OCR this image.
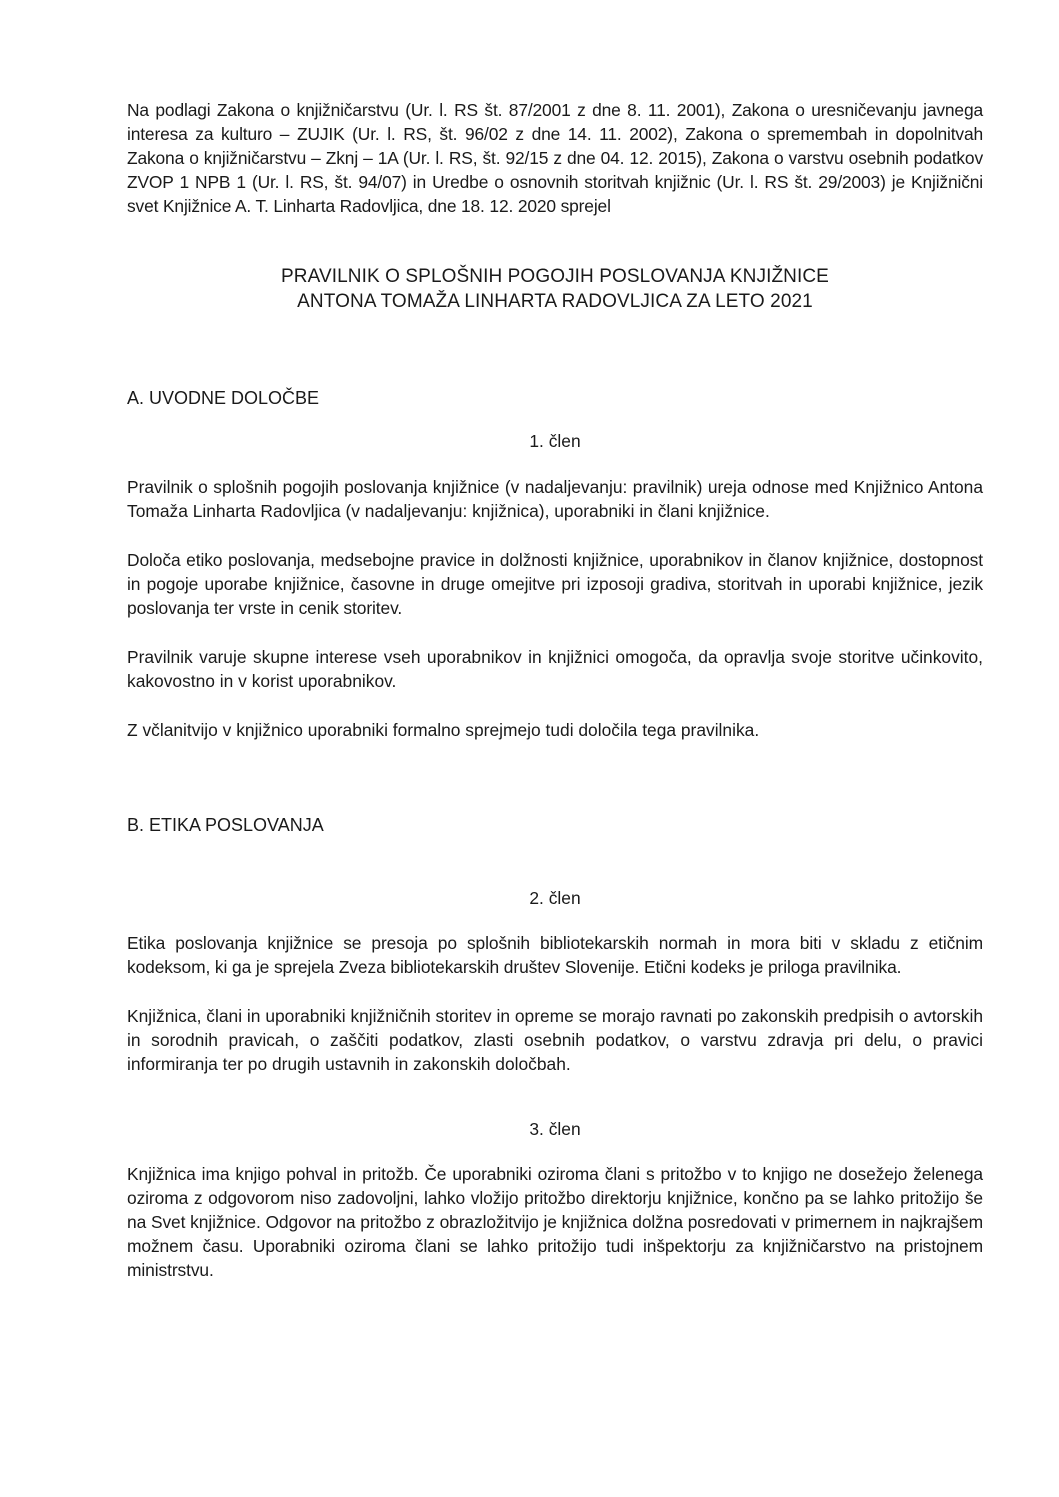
Na podlagi Zakona o knjižničarstvu (Ur. l. RS št. 87/2001 z dne 8. 11. 2001), Zakona o uresničevanju javnega interesa za kulturo – ZUJIK (Ur. l. RS, št. 96/02 z dne 14. 11. 2002), Zakona o spremembah in dopolnitvah Zakona o knjižničarstvu – Zknj – 1A (Ur. l. RS, št. 92/15 z dne 04. 12. 2015), Zakona o varstvu osebnih podatkov ZVOP 1 NPB 1 (Ur. l. RS, št. 94/07) in Uredbe o osnovnih storitvah knjižnic (Ur. l. RS št. 29/2003) je Knjižnični svet Knjižnice A. T. Linharta Radovljica, dne 18. 12. 2020 sprejel

PRAVILNIK O SPLOŠNIH POGOJIH POSLOVANJA KNJIŽNICE

ANTONA TOMAŽA LINHARTA RADOVLJICA ZA LETO 2021

A. UVODNE DOLOČBE

1. člen

Pravilnik o splošnih pogojih poslovanja knjižnice (v nadaljevanju: pravilnik) ureja odnose med Knjižnico Antona Tomaža Linharta Radovljica (v nadaljevanju: knjižnica), uporabniki in člani knjižnice.

Določa etiko poslovanja, medsebojne pravice in dolžnosti knjižnice, uporabnikov in članov knjižnice, dostopnost in pogoje uporabe knjižnice, časovne in druge omejitve pri izposoji gradiva, storitvah in uporabi knjižnice, jezik poslovanja ter vrste in cenik storitev.

Pravilnik varuje skupne interese vseh uporabnikov in knjižnici omogoča, da opravlja svoje storitve učinkovito, kakovostno in v korist uporabnikov.

Z včlanitvijo v knjižnico uporabniki formalno sprejmejo tudi določila tega pravilnika.

B. ETIKA POSLOVANJA

2. člen

Etika poslovanja knjižnice se presoja po splošnih bibliotekarskih normah in mora biti v skladu z etičnim kodeksom, ki ga je sprejela Zveza bibliotekarskih društev Slovenije. Etični kodeks je priloga pravilnika.

Knjižnica, člani in uporabniki knjižničnih storitev in opreme se morajo ravnati po zakonskih predpisih o avtorskih in sorodnih pravicah, o zaščiti podatkov, zlasti osebnih podatkov, o varstvu zdravja pri delu, o pravici informiranja ter po drugih ustavnih in zakonskih določbah.

3. člen

Knjižnica ima knjigo pohval in pritožb. Če uporabniki oziroma člani s pritožbo v to knjigo ne dosežejo želenega oziroma z odgovorom niso zadovoljni, lahko vložijo pritožbo direktorju knjižnice, končno pa se lahko pritožijo še na Svet knjižnice. Odgovor na pritožbo z obrazložitvijo je knjižnica dolžna posredovati v primernem in najkrajšem možnem času. Uporabniki oziroma člani se lahko pritožijo tudi inšpektorju za knjižničarstvo na pristojnem ministrstvu.
